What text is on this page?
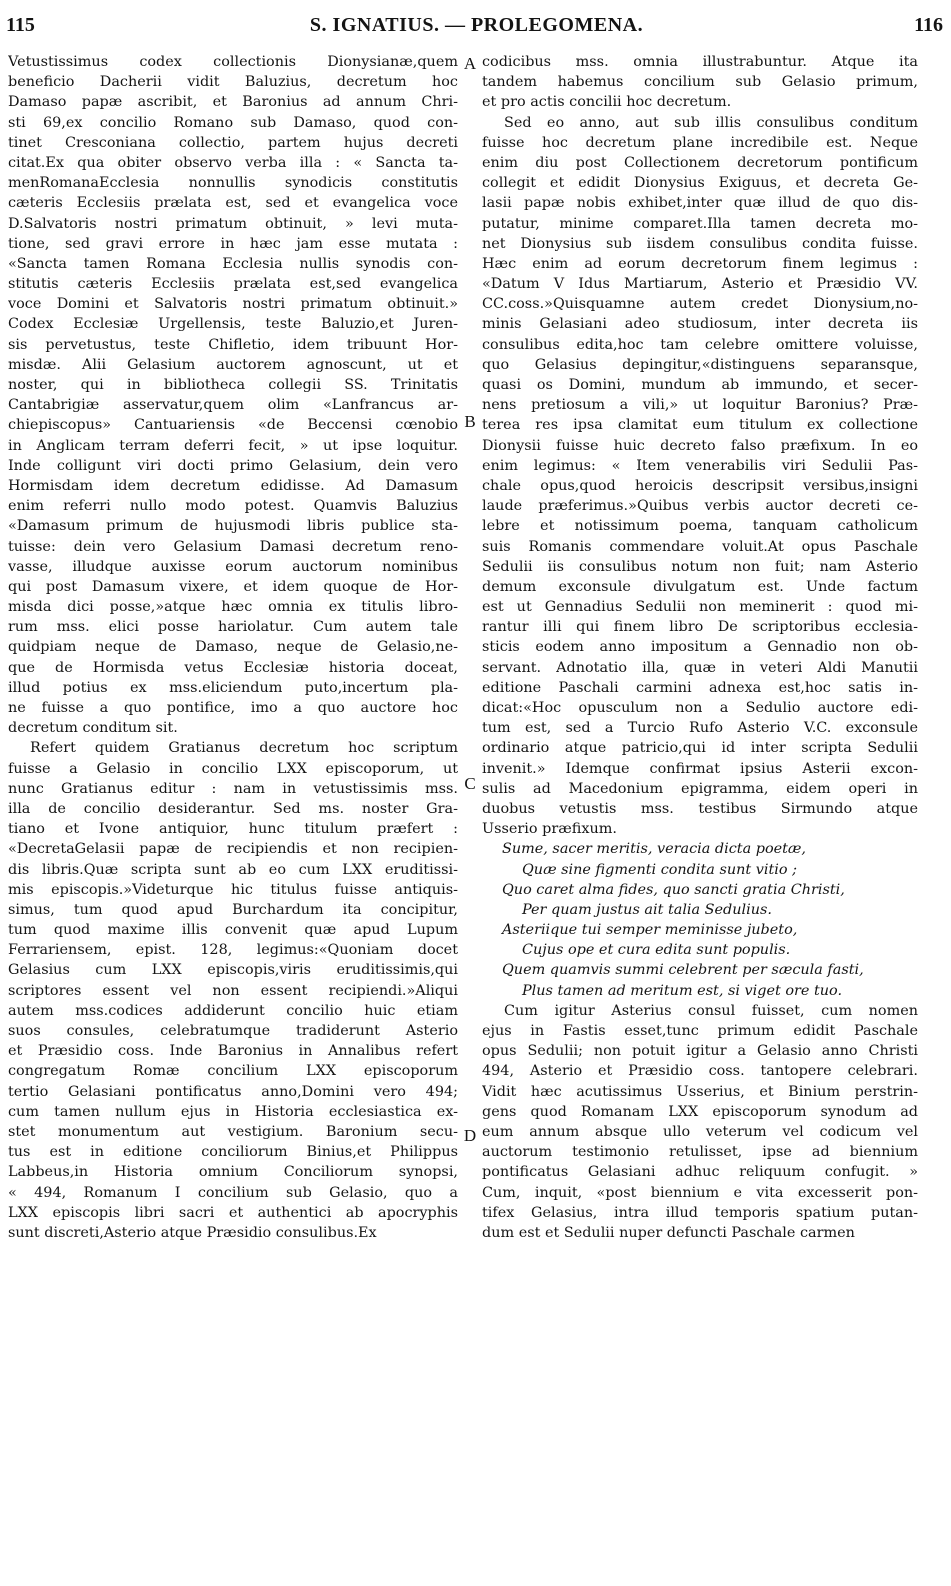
115	S. IGNATIUS. — PROLEGOMENA.	116
Vetustissimus codex collectionis Dionysianæ,quem
beneficio Dacherii vidit Baluzius, decretum hoc
Damaso papæ ascribit, et Baronius ad annum Chri-
sti 69,ex concilio Romano sub Damaso, quod con-
tinet Cresconiana collectio, partem hujus decreti
citat.Ex qua obiter observo verba illa : « Sancta ta-
menRomanaEcclesia nonnullis synodicis constitutis
cæteris Ecclesiis prælata est, sed et evangelica voce
D.Salvatoris nostri primatum obtinuit, » levi muta-
tione, sed gravi errore in hæc jam esse mutata :
«Sancta tamen Romana Ecclesia nullis synodis con-
stitutis cæteris Ecclesiis prælata est,sed evangelica
voce Domini et Salvatoris nostri primatum obtinuit.»
Codex Ecclesiæ Urgellensis, teste Baluzio,et Juren-
sis pervetustus, teste Chifletio, idem tribuunt Hor-
misdæ. Alii Gelasium auctorem agnoscunt, ut et
noster, qui in bibliotheca collegii SS. Trinitatis
Cantabrigiæ asservatur,quem olim «Lanfrancus ar-
chiepiscopus» Cantuariensis «de Beccensi cœnobio
in Anglicam terram deferri fecit, » ut ipse loquitur.
Inde colligunt viri docti primo Gelasium, dein vero
Hormisdam idem decretum edidisse. Ad Damasum
enim referri nullo modo potest. Quamvis Baluzius
«Damasum primum de hujusmodi libris publice sta-
tuisse: dein vero Gelasium Damasi decretum reno-
vasse, illudque auxisse eorum auctorum nominibus
qui post Damasum vixere, et idem quoque de Hor-
misda dici posse,»atque hæc omnia ex titulis libro-
rum mss. elici posse hariolatur. Cum autem tale
quidpiam neque de Damaso, neque de Gelasio,ne-
que de Hormisda vetus Ecclesiæ historia doceat,
illud potius ex mss.eliciendum puto,incertum pla-
ne fuisse a quo pontifice, imo a quo auctore hoc
decretum conditum sit.
Refert quidem Gratianus decretum hoc scriptum
fuisse a Gelasio in concilio LXX episcoporum, ut
nunc Gratianus editur : nam in vetustissimis mss.
illa de concilio desiderantur. Sed ms. noster Gra-
tiano et Ivone antiquior, hunc titulum præfert :
«DecretaGelasii papæ de recipiendis et non recipien-
dis libris.Quæ scripta sunt ab eo cum LXX eruditissi-
mis episcopis.»Videturque hic titulus fuisse antiquis-
simus, tum quod apud Burchardum ita concipitur,
tum quod maxime illis convenit quæ apud Lupum
Ferrariensem, epist. 128, legimus:«Quoniam docet
Gelasius cum LXX episcopis,viris eruditissimis,qui
scriptores essent vel non essent recipiendi.»Aliqui
autem mss.codices addiderunt concilio huic etiam
suos consules, celebratumque tradiderunt Asterio
et Præsidio coss. Inde Baronius in Annalibus refert
congregatum Romæ concilium LXX episcoporum
tertio Gelasiani pontificatus anno,Domini vero 494;
cum tamen nullum ejus in Historia ecclesiastica ex-
stet monumentum aut vestigium. Baronium secu-
tus est in editione conciliorum Binius,et Philippus
Labbeus,in Historia omnium Conciliorum synopsi,
« 494, Romanum I concilium sub Gelasio, quo a
LXX episcopis libri sacri et authentici ab apocryphis
sunt discreti,Asterio atque Præsidio consulibus.Ex
codicibus mss. omnia illustrabuntur. Atque ita
tandem habemus concilium sub Gelasio primum,
et pro actis concilii hoc decretum.
Sed eo anno, aut sub illis consulibus conditum
fuisse hoc decretum plane incredibile est. Neque
enim diu post Collectionem decretorum pontificum
collegit et edidit Dionysius Exiguus, et decreta Ge-
lasii papæ nobis exhibet,inter quæ illud de quo dis-
putatur, minime comparet.Illa tamen decreta mo-
net Dionysius sub iisdem consulibus condita fuisse.
Hæc enim ad eorum decretorum finem legimus :
«Datum V Idus Martiarum, Asterio et Præsidio VV.
CC.coss.»Quisquamne autem credet Dionysium,no-
minis Gelasiani adeo studiosum, inter decreta iis
consulibus edita,hoc tam celebre omittere voluisse,
quo Gelasius depingitur,«distinguens separansque,
quasi os Domini, mundum ab immundo, et secer-
nens pretiosum a vili,» ut loquitur Baronius? Præ-
terea res ipsa clamitat eum titulum ex collectione
Dionysii fuisse huic decreto falso præfixum. In eo
enim legimus: « Item venerabilis viri Sedulii Pas-
chale opus,quod heroicis descripsit versibus,insigni
laude præferimus.»Quibus verbis auctor decreti ce-
lebre et notissimum poema, tanquam catholicum
suis Romanis commendare voluit.At opus Paschale
Sedulii iis consulibus notum non fuit; nam Asterio
demum exconsule divulgatum est. Unde factum
est ut Gennadius Sedulii non meminerit : quod mi-
rantur illi qui finem libro De scriptoribus ecclesia-
sticis eodem anno impositum a Gennadio non ob-
servant. Adnotatio illa, quæ in veteri Aldi Manutii
editione Paschali carmini adnexa est,hoc satis in-
dicat:«Hoc opusculum non a Sedulio auctore edi-
tum est, sed a Turcio Rufo Asterio V.C. exconsule
ordinario atque patricio,qui id inter scripta Sedulii
invenit.» Idemque confirmat ipsius Asterii excon-
sulis ad Macedonium epigramma, eidem operi in
duobus vetustis mss. testibus Sirmundo atque
Usserio præfixum.
Sume, sacer meritis, veracia dicta poetæ,
Quæ sine figmenti condita sunt vitio ;
Quo caret alma fides, quo sancti gratia Christi,
Per quam justus ait talia Sedulius.
Asteriique tui semper meminisse jubeto,
Cujus ope et cura edita sunt populis.
Quem quamvis summi celebrent per sæcula fasti,
Plus tamen ad meritum est, si viget ore tuo.
Cum igitur Asterius consul fuisset, cum nomen
ejus in Fastis esset,tunc primum edidit Paschale
opus Sedulii; non potuit igitur a Gelasio anno Christi
494, Asterio et Præsidio coss. tantopere celebrari.
Vidit hæc acutissimus Usserius, et Binium perstrin-
gens quod Romanam LXX episcoporum synodum ad
eum annum absque ullo veterum vel codicum vel
auctorum testimonio retulisset, ipse ad biennium
pontificatus Gelasiani adhuc reliquum confugit. »
Cum, inquit, «post biennium e vita excesserit pon-
tifex Gelasius, intra illud temporis spatium putan-
dum est et Sedulii nuper defuncti Paschale carmen
A
B
C
D
